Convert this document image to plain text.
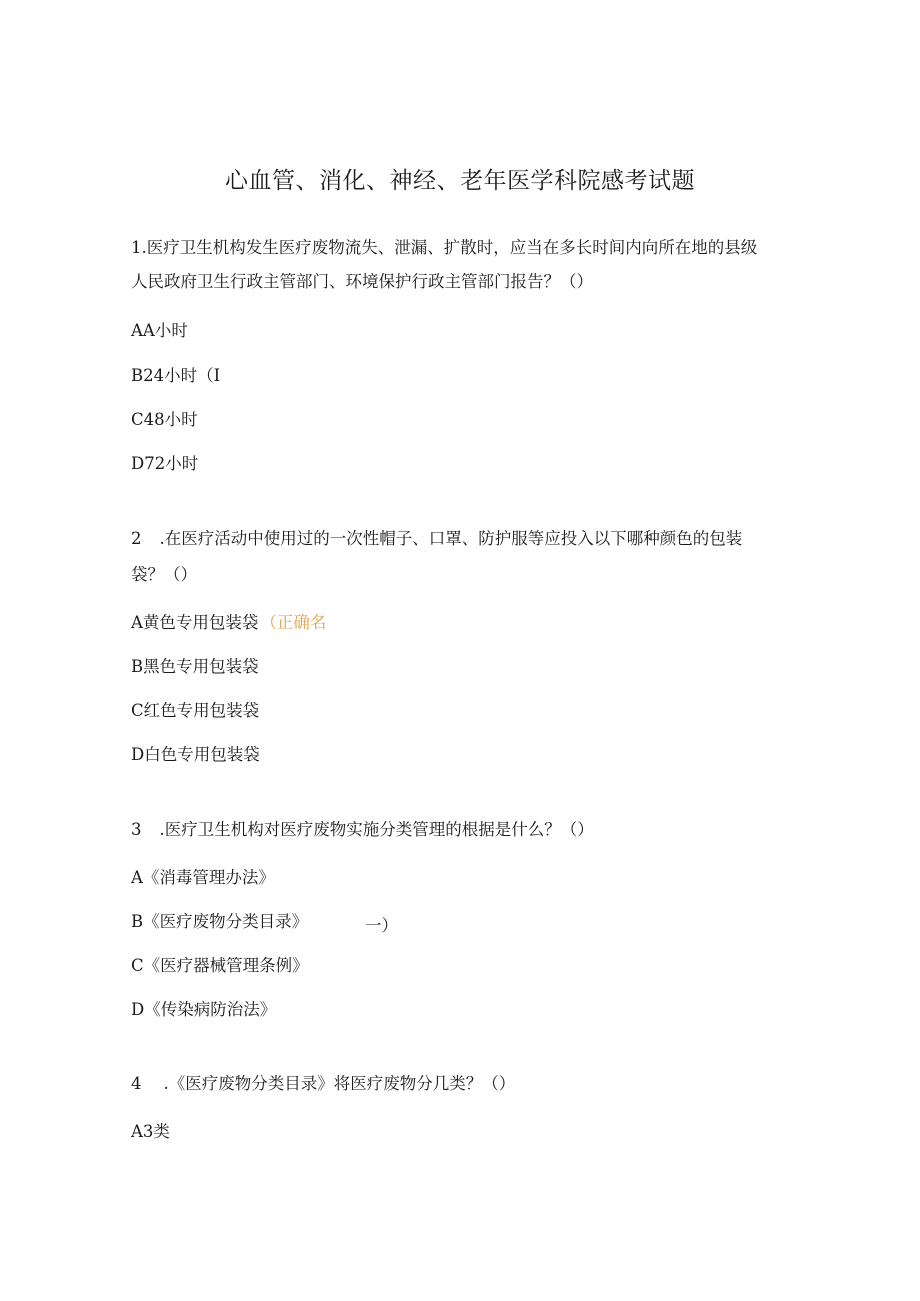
心血管、消化、神经、老年医学科院感考试题
1.医疗卫生机构发生医疗废物流失、泄漏、扩散时，应当在多长时间内向所在地的县级
人民政府卫生行政主管部门、环境保护行政主管部门报告？（）
AA小时
B24小时（I
C48小时
D72小时
2 .在医疗活动中使用过的一次性帽子、口罩、防护服等应投入以下哪种颜色的包装
袋？（）
A黄色专用包装袋 （正确名
B黑色专用包装袋
C红色专用包装袋
D白色专用包装袋
3 .医疗卫生机构对医疗废物实施分类管理的根据是什么？（）
A《消毒管理办法》
B《医疗废物分类目录》	一）
C《医疗器械管理条例》
D《传染病防治法》
4 .《医疗废物分类目录》将医疗废物分几类？（）
A3类
